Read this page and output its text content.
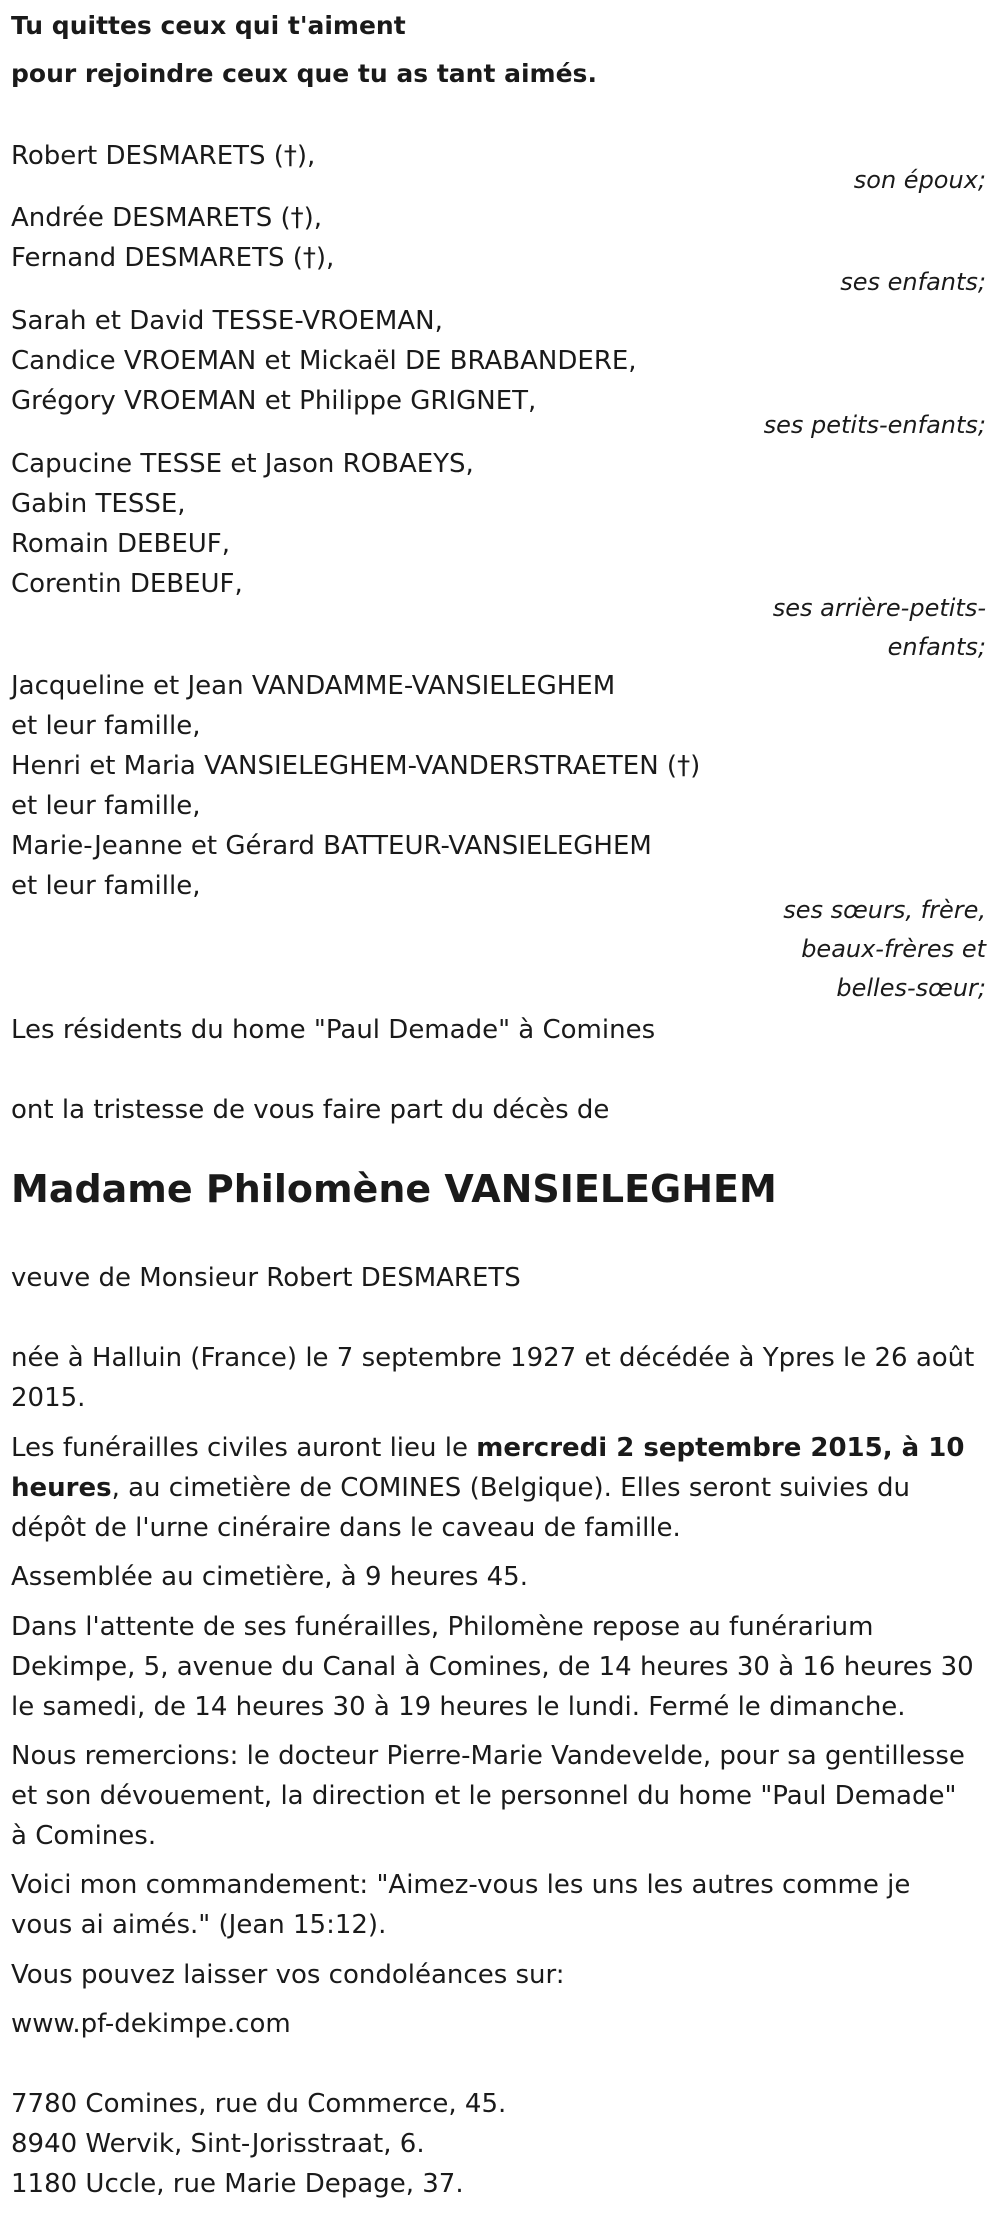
Tu quittes ceux qui t'aiment
pour rejoindre ceux que tu as tant aimés.
Robert DESMARETS (†),
son époux;
Andrée DESMARETS (†),
Fernand DESMARETS (†),
ses enfants;
Sarah et David TESSE-VROEMAN,
Candice VROEMAN et Mickaël DE BRABANDERE,
Grégory VROEMAN et Philippe GRIGNET,
ses petits-enfants;
Capucine TESSE et Jason ROBAEYS,
Gabin TESSE,
Romain DEBEUF,
Corentin DEBEUF,
ses arrière-petits-
enfants;
Jacqueline et Jean VANDAMME-VANSIELEGHEM
et leur famille,
Henri et Maria VANSIELEGHEM-VANDERSTRAETEN (†)
et leur famille,
Marie-Jeanne et Gérard BATTEUR-VANSIELEGHEM
et leur famille,
ses sœurs, frère,
beaux-frères et
belles-sœur;
Les résidents du home "Paul Demade" à Comines
ont la tristesse de vous faire part du décès de
Madame Philomène VANSIELEGHEM
veuve de Monsieur Robert DESMARETS
née à Halluin (France) le 7 septembre 1927 et décédée à Ypres le 26 août
2015.
Les funérailles civiles auront lieu le mercredi 2 septembre 2015, à 10
heures, au cimetière de COMINES (Belgique). Elles seront suivies du
dépôt de l'urne cinéraire dans le caveau de famille.
Assemblée au cimetière, à 9 heures 45.
Dans l'attente de ses funérailles, Philomène repose au funérarium
Dekimpe, 5, avenue du Canal à Comines, de 14 heures 30 à 16 heures 30
le samedi, de 14 heures 30 à 19 heures le lundi. Fermé le dimanche.
Nous remercions: le docteur Pierre-Marie Vandevelde, pour sa gentillesse
et son dévouement, la direction et le personnel du home "Paul Demade"
à Comines.
Voici mon commandement: "Aimez-vous les uns les autres comme je
vous ai aimés." (Jean 15:12).
Vous pouvez laisser vos condoléances sur:
www.pf-dekimpe.com
7780 Comines, rue du Commerce, 45.
8940 Wervik, Sint-Jorisstraat, 6.
1180 Uccle, rue Marie Depage, 37.
